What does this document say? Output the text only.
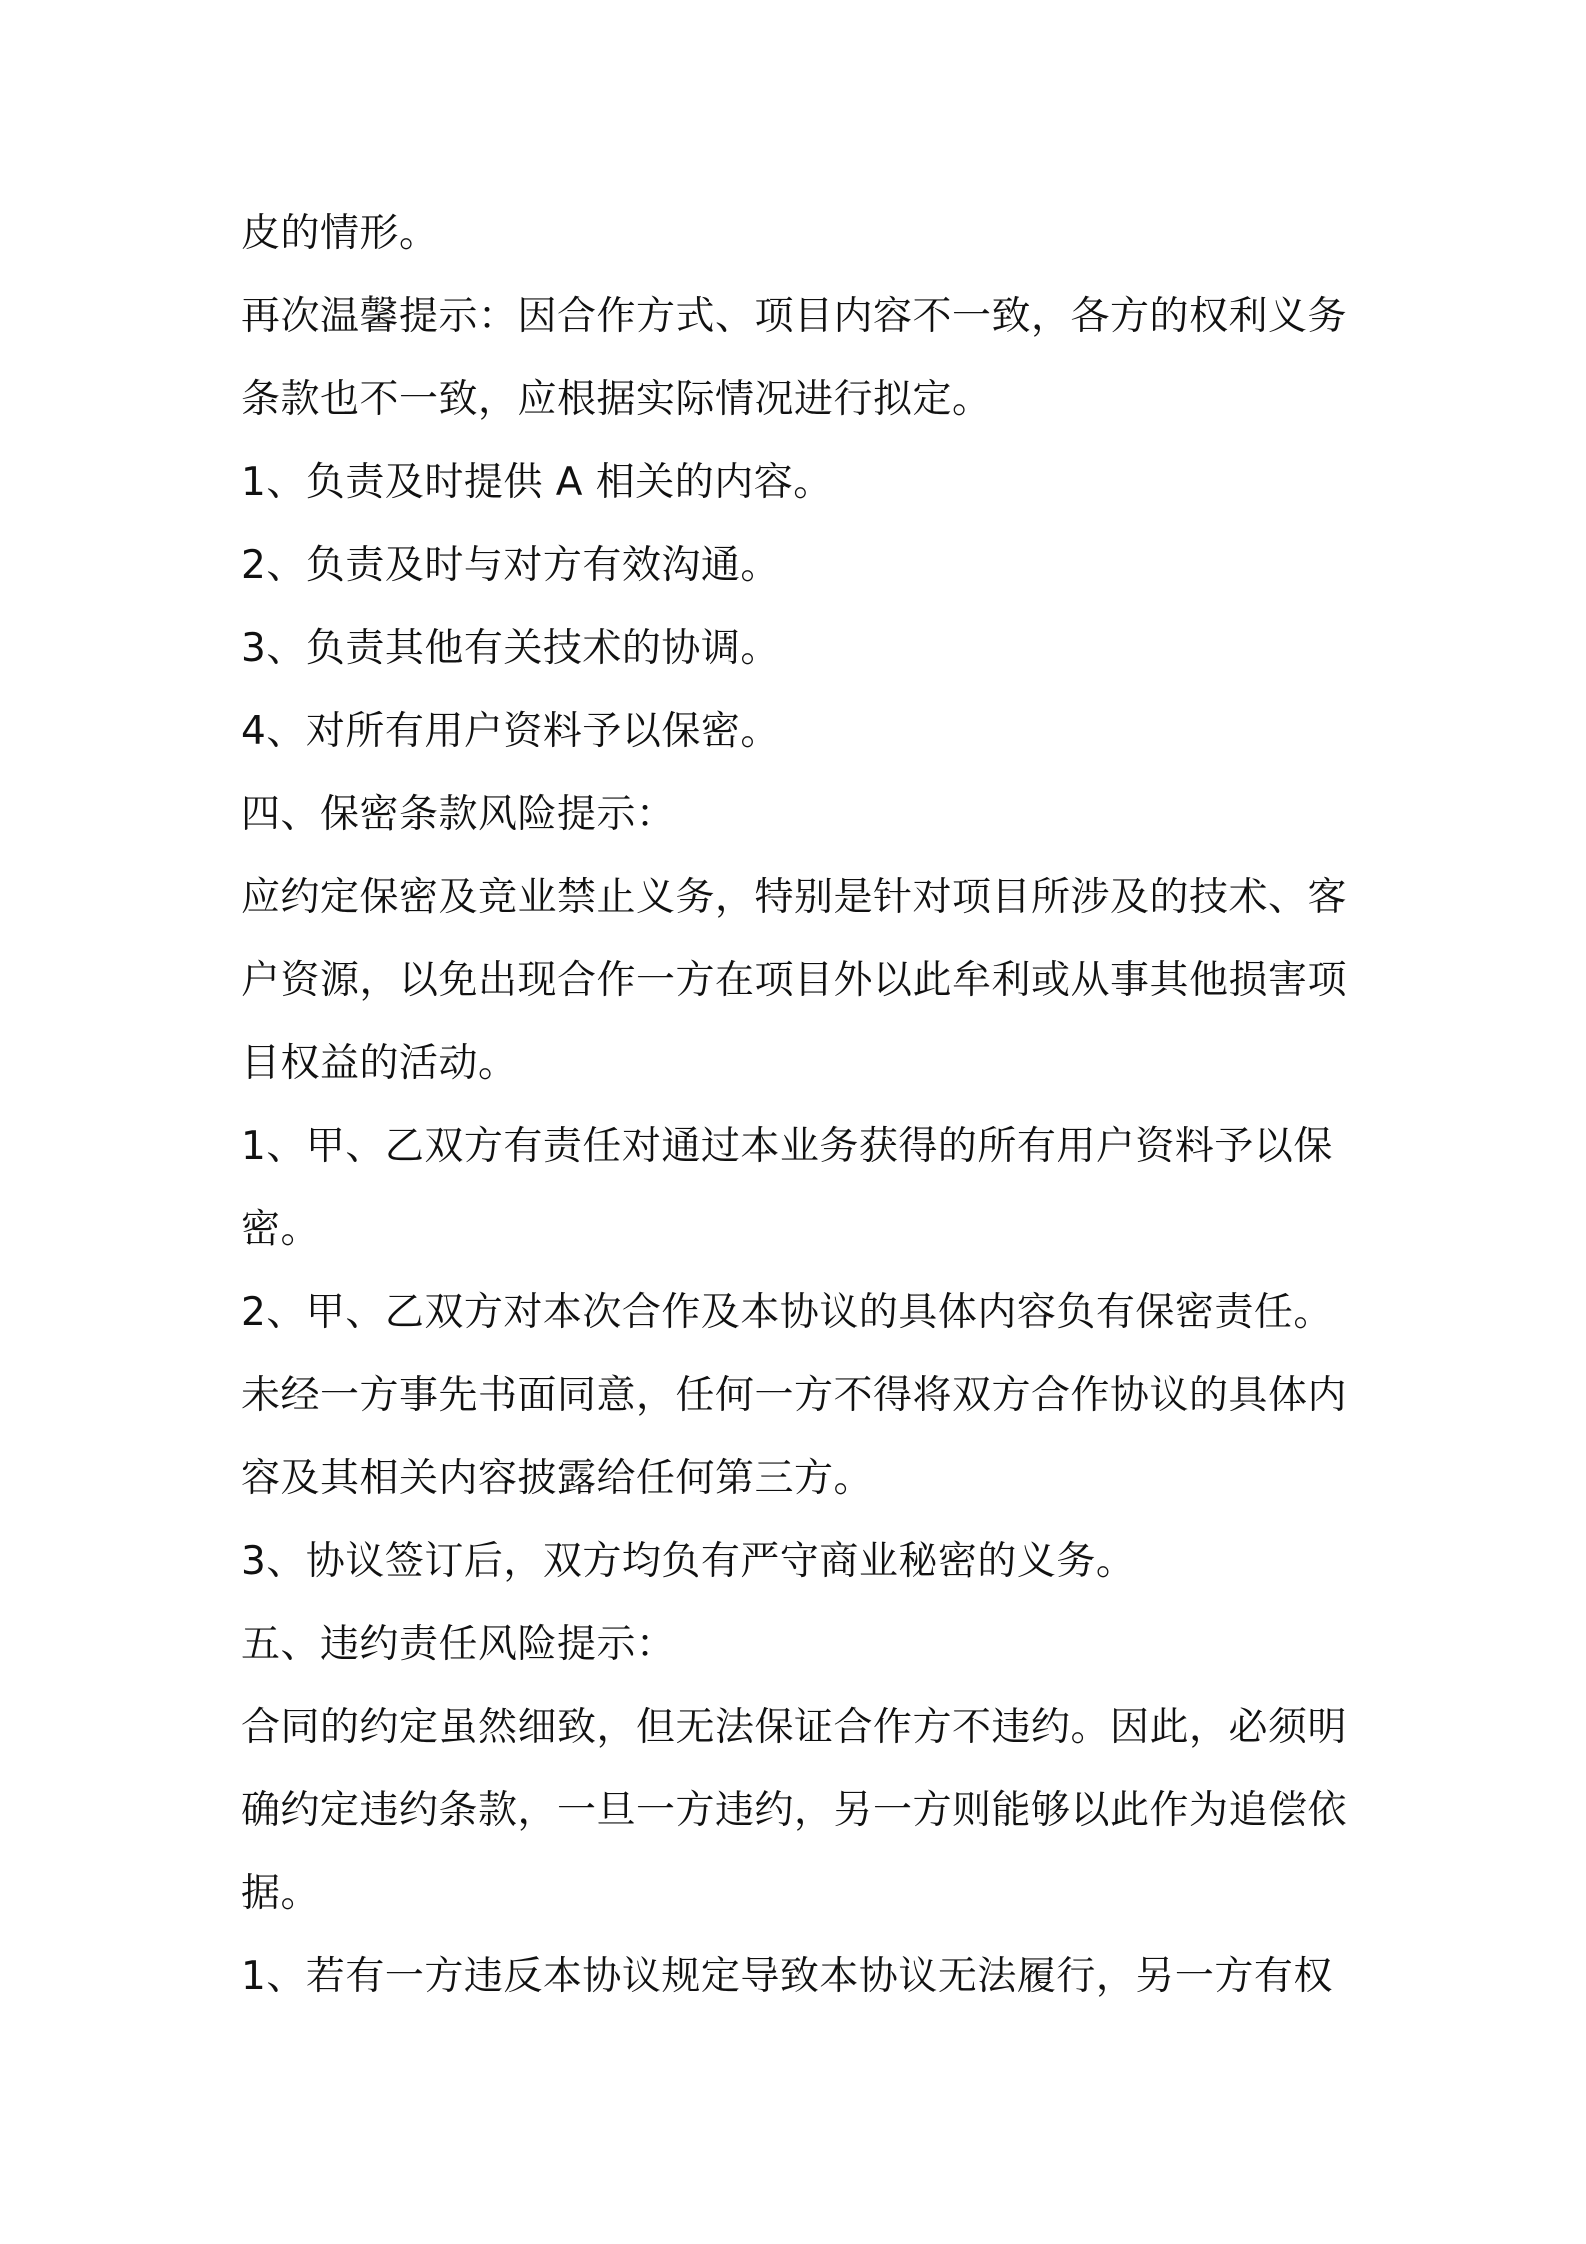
皮的情形。

再次温馨提示：因合作方式、项目内容不一致，各方的权利义务

条款也不一致，应根据实际情况进行拟定。

1、负责及时提供 A 相关的内容。

2、负责及时与对方有效沟通。

3、负责其他有关技术的协调。

4、对所有用户资料予以保密。

四、保密条款风险提示：

应约定保密及竞业禁止义务，特别是针对项目所涉及的技术、客

户资源，以免出现合作一方在项目外以此牟利或从事其他损害项

目权益的活动。

1、甲、乙双方有责任对通过本业务获得的所有用户资料予以保

密。

2、甲、乙双方对本次合作及本协议的具体内容负有保密责任。

未经一方事先书面同意，任何一方不得将双方合作协议的具体内

容及其相关内容披露给任何第三方。

3、协议签订后，双方均负有严守商业秘密的义务。

五、违约责任风险提示：

合同的约定虽然细致，但无法保证合作方不违约。因此，必须明

确约定违约条款，一旦一方违约，另一方则能够以此作为追偿依

据。

1、若有一方违反本协议规定导致本协议无法履行，另一方有权
